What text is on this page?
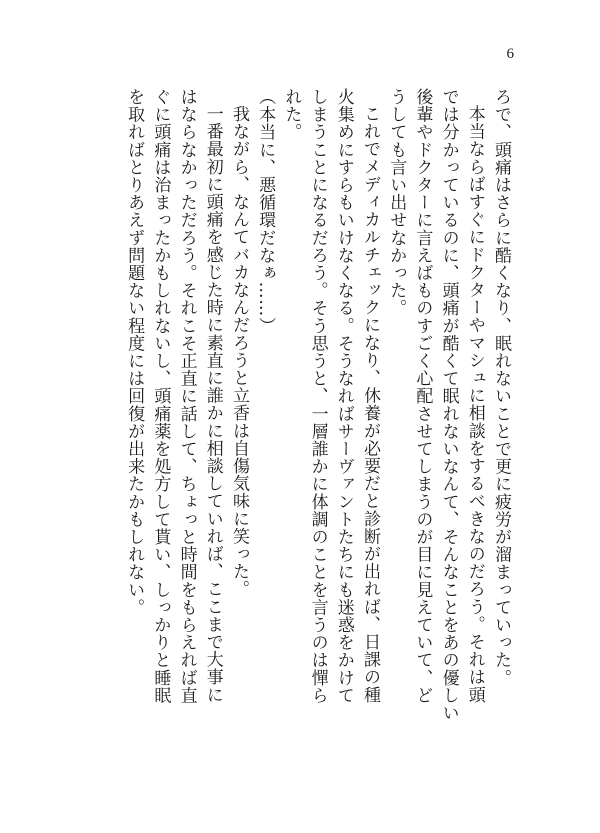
6

ろで、頭痛はさらに酷くなり、眠れないことで更に疲労が溜まっていった。

本当ならばすぐにドクターやマシュに相談をするべきなのだろう。それは頭

では分かっているのに、頭痛が酷くて眠れないなんて、そんなことをあの優しい

後輩やドクターに言えばものすごく心配させてしまうのが目に見えていて、ど

うしても言い出せなかった。

これでメディカルチェックになり、休養が必要だと診断が出れば、日課の種

火集めにすらもいけなくなる。そうなればサーヴァントたちにも迷惑をかけて

しまうことになるだろう。そう思うと、一層誰かに体調のことを言うのは憚ら

れた。

（本当に、悪循環だなぁ……）

我ながら、なんてバカなんだろうと立香は自傷気味に笑った。

一番最初に頭痛を感じた時に素直に誰かに相談していれば、ここまで大事に

はならなかっただろう。それこそ正直に話して、ちょっと時間をもらえれば直

ぐに頭痛は治まったかもしれないし、頭痛薬を処方して貰い、しっかりと睡眠

を取ればとりあえず問題ない程度には回復が出来たかもしれない。
